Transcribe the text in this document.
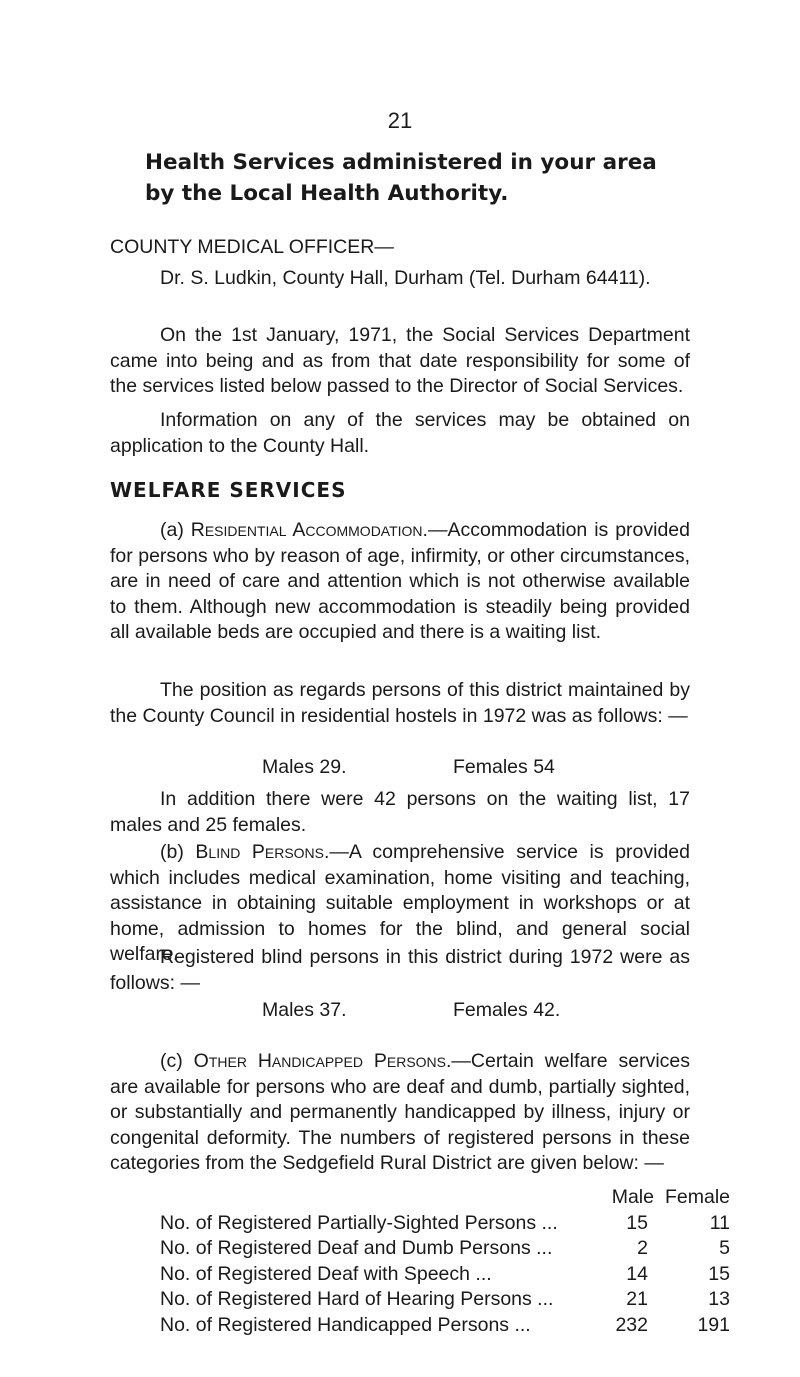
21
Health Services administered in your area
by the Local Health Authority.
COUNTY MEDICAL OFFICER—
Dr. S. Ludkin, County Hall, Durham (Tel. Durham 64411).
On the 1st January, 1971, the Social Services Department came into being and as from that date responsibility for some of the services listed below passed to the Director of Social Services.
Information on any of the services may be obtained on application to the County Hall.
WELFARE SERVICES
(a) Residential Accommodation.—Accommodation is provided for persons who by reason of age, infirmity, or other circumstances, are in need of care and attention which is not otherwise available to them. Although new accommodation is steadily being provided all available beds are occupied and there is a waiting list.
The position as regards persons of this district maintained by the County Council in residential hostels in 1972 was as follows: —
Males 29.	Females 54
In addition there were 42 persons on the waiting list, 17 males and 25 females.
(b) Blind Persons.—A comprehensive service is provided which includes medical examination, home visiting and teaching, assistance in obtaining suitable employment in workshops or at home, admission to homes for the blind, and general social welfare.
Registered blind persons in this district during 1972 were as follows: —
Males 37.	Females 42.
(c) Other Handicapped Persons.—Certain welfare services are available for persons who are deaf and dumb, partially sighted, or substantially and permanently handicapped by illness, injury or congenital deformity. The numbers of registered persons in these categories from the Sedgefield Rural District are given below: —
Male Female
No. of Registered Partially-Sighted Persons ...	15	11
No. of Registered Deaf and Dumb Persons ...	2	5
No. of Registered Deaf with Speech ...	14	15
No. of Registered Hard of Hearing Persons ...	21	13
No. of Registered Handicapped Persons ...	232	191
